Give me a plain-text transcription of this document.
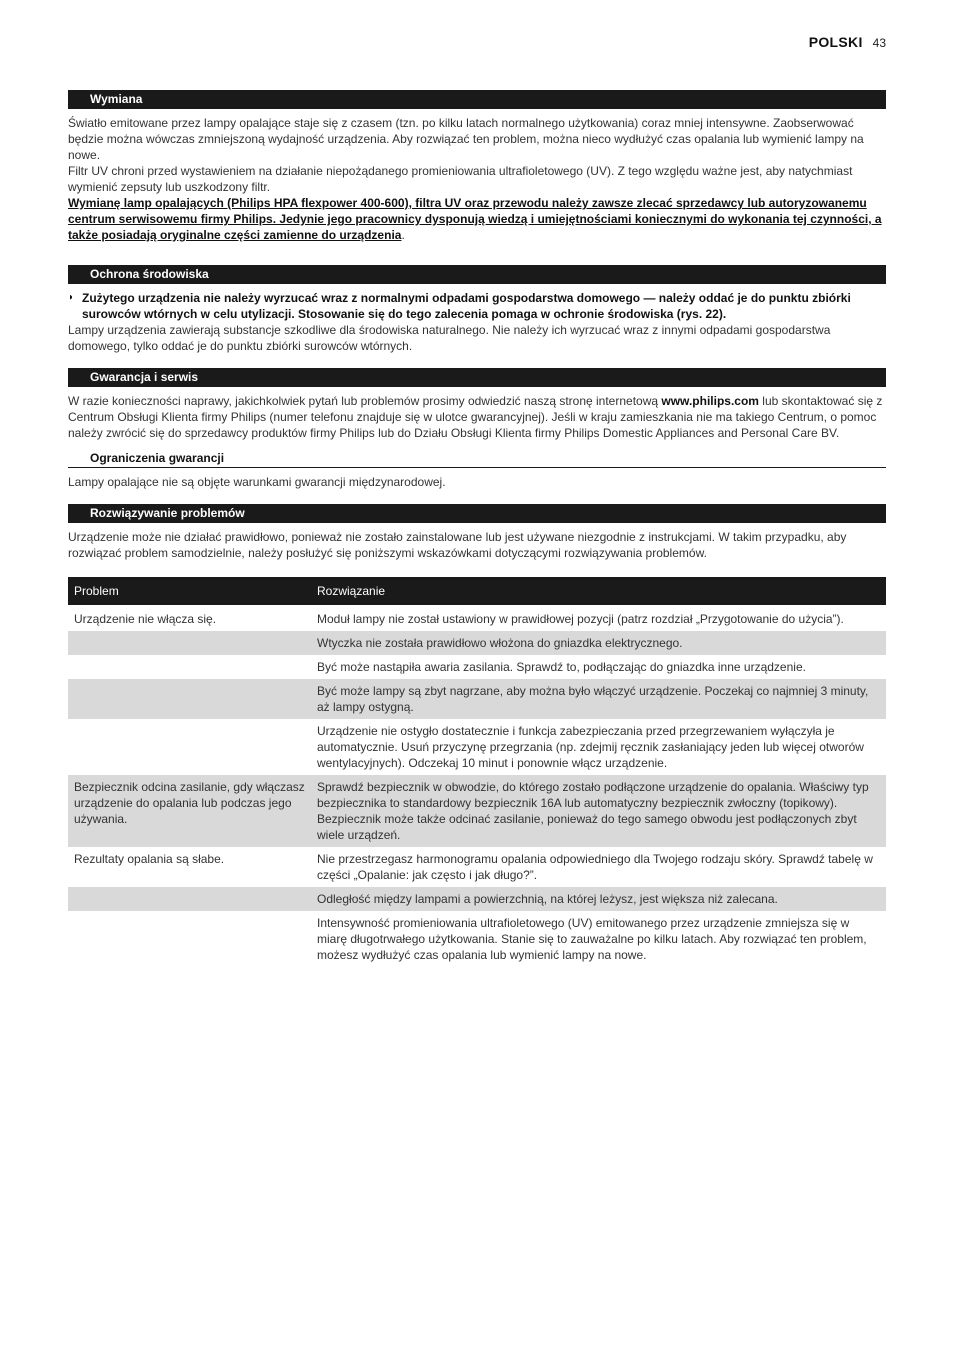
POLSKI 43
Wymiana

Światło emitowane przez lampy opalające staje się z czasem (tzn. po kilku latach normalnego użytkowania) coraz mniej intensywne. Zaobserwować będzie można wówczas zmniejszoną wydajność urządzenia. Aby rozwiązać ten problem, można nieco wydłużyć czas opalania lub wymienić lampy na nowe.

Filtr UV chroni przed wystawieniem na działanie niepożądanego promieniowania ultrafioletowego (UV). Z tego względu ważne jest, aby natychmiast wymienić zepsuty lub uszkodzony filtr.

Wymianę lamp opalających (Philips HPA flexpower 400-600), filtra UV oraz przewodu należy zawsze zlecać sprzedawcy lub autoryzowanemu centrum serwisowemu firmy Philips. Jedynie jego pracownicy dysponują wiedzą i umiejętnościami koniecznymi do wykonania tej czynności, a także posiadają oryginalne części zamienne do urządzenia.

Ochrona środowiska
◗ Zużytego urządzenia nie należy wyrzucać wraz z normalnymi odpadami gospodarstwa domowego — należy oddać je do punktu zbiórki surowców wtórnych w celu utylizacji. Stosowanie się do tego zalecenia pomaga w ochronie środowiska (rys. 22).

Lampy urządzenia zawierają substancje szkodliwe dla środowiska naturalnego. Nie należy ich wyrzucać wraz z innymi odpadami gospodarstwa domowego, tylko oddać je do punktu zbiórki surowców wtórnych.

Gwarancja i serwis

W razie konieczności naprawy, jakichkolwiek pytań lub problemów prosimy odwiedzić naszą stronę internetową www.philips.com lub skontaktować się z Centrum Obsługi Klienta firmy Philips (numer telefonu znajduje się w ulotce gwarancyjnej). Jeśli w kraju zamieszkania nie ma takiego Centrum, o pomoc należy zwrócić się do sprzedawcy produktów firmy Philips lub do Działu Obsługi Klienta firmy Philips Domestic Appliances and Personal Care BV.

Ograniczenia gwarancji

Lampy opalające nie są objęte warunkami gwarancji międzynarodowej.

Rozwiązywanie problemów

Urządzenie może nie działać prawidłowo, ponieważ nie zostało zainstalowane lub jest używane niezgodnie z instrukcjami. W takim przypadku, aby rozwiązać problem samodzielnie, należy posłużyć się poniższymi wskazówkami dotyczącymi rozwiązywania problemów.

Problem	Rozwiązanie
Urządzenie nie włącza się.	Moduł lampy nie został ustawiony w prawidłowej pozycji (patrz rozdział „Przygotowanie do użycia”).
	Wtyczka nie została prawidłowo włożona do gniazdka elektrycznego.
	Być może nastąpiła awaria zasilania. Sprawdź to, podłączając do gniazdka inne urządzenie.
	Być może lampy są zbyt nagrzane, aby można było włączyć urządzenie. Poczekaj co najmniej 3 minuty, aż lampy ostygną.
	Urządzenie nie ostygło dostatecznie i funkcja zabezpieczania przed przegrzewaniem wyłączyła je automatycznie. Usuń przyczynę przegrzania (np. zdejmij ręcznik zasłaniający jeden lub więcej otworów wentylacyjnych). Odczekaj 10 minut i ponownie włącz urządzenie.
Bezpiecznik odcina zasilanie, gdy włączasz urządzenie do opalania lub podczas jego używania.	Sprawdź bezpiecznik w obwodzie, do którego zostało podłączone urządzenie do opalania. Właściwy typ bezpiecznika to standardowy bezpiecznik 16A lub automatyczny bezpiecznik zwłoczny (topikowy). Bezpiecznik może także odcinać zasilanie, ponieważ do tego samego obwodu jest podłączonych zbyt wiele urządzeń.
Rezultaty opalania są słabe.	Nie przestrzegasz harmonogramu opalania odpowiedniego dla Twojego rodzaju skóry. Sprawdź tabelę w części „Opalanie: jak często i jak długo?”.
	Odległość między lampami a powierzchnią, na której leżysz, jest większa niż zalecana.
	Intensywność promieniowania ultrafioletowego (UV) emitowanego przez urządzenie zmniejsza się w miarę długotrwałego użytkowania. Stanie się to zauważalne po kilku latach. Aby rozwiązać ten problem, możesz wydłużyć czas opalania lub wymienić lampy na nowe.
